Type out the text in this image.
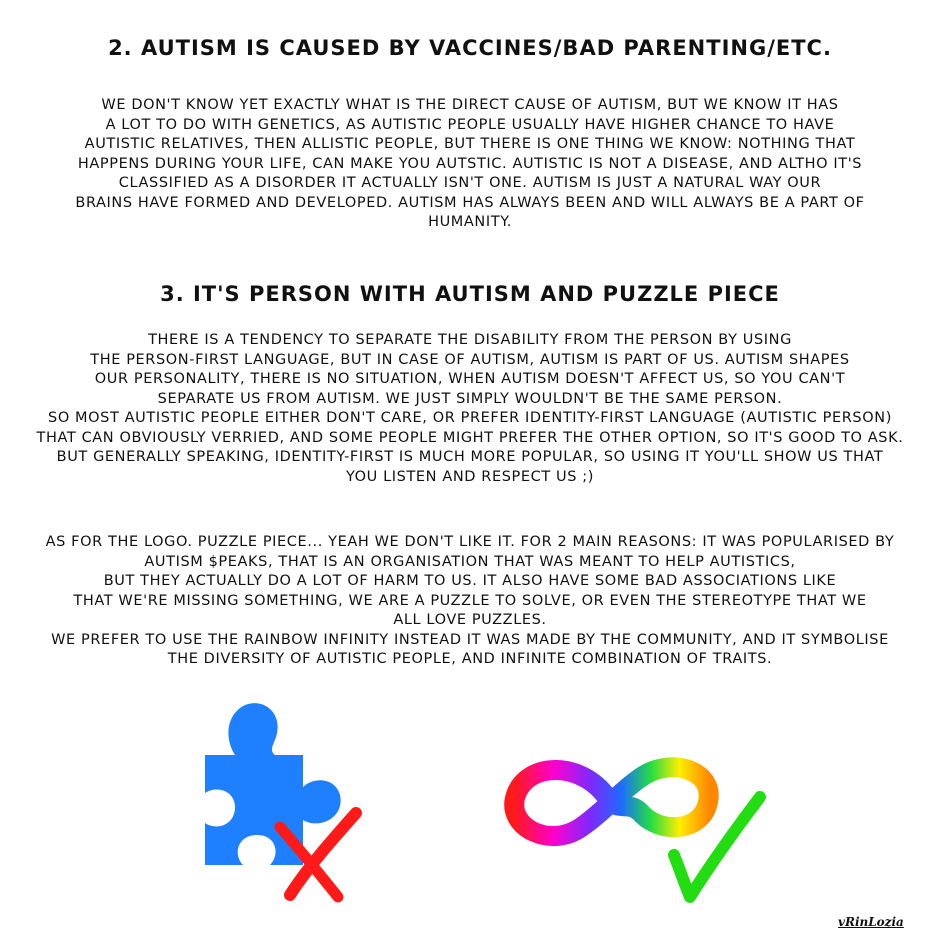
2. AUTISM IS CAUSED BY VACCINES/BAD PARENTING/ETC.

WE DON'T KNOW YET EXACTLY WHAT IS THE DIRECT CAUSE OF AUTISM, BUT WE KNOW IT HAS
A LOT TO DO WITH GENETICS, AS AUTISTIC PEOPLE USUALLY HAVE HIGHER CHANCE TO HAVE
AUTISTIC RELATIVES, THEN ALLISTIC PEOPLE, BUT THERE IS ONE THING WE KNOW: NOTHING THAT
HAPPENS DURING YOUR LIFE, CAN MAKE YOU AUTSTIC. AUTISTIC IS NOT A DISEASE, AND ALTHO IT'S
CLASSIFIED AS A DISORDER IT ACTUALLY ISN'T ONE. AUTISM IS JUST A NATURAL WAY OUR
BRAINS HAVE FORMED AND DEVELOPED. AUTISM HAS ALWAYS BEEN AND WILL ALWAYS BE A PART OF
HUMANITY.

3. IT'S PERSON WITH AUTISM AND PUZZLE PIECE

THERE IS A TENDENCY TO SEPARATE THE DISABILITY FROM THE PERSON BY USING
THE PERSON-FIRST LANGUAGE, BUT IN CASE OF AUTISM, AUTISM IS PART OF US. AUTISM SHAPES
OUR PERSONALITY, THERE IS NO SITUATION, WHEN AUTISM DOESN'T AFFECT US, SO YOU CAN'T
SEPARATE US FROM AUTISM. WE JUST SIMPLY WOULDN'T BE THE SAME PERSON.
SO MOST AUTISTIC PEOPLE EITHER DON'T CARE, OR PREFER IDENTITY-FIRST LANGUAGE (AUTISTIC PERSON)
THAT CAN OBVIOUSLY VERRIED, AND SOME PEOPLE MIGHT PREFER THE OTHER OPTION, SO IT'S GOOD TO ASK.
BUT GENERALLY SPEAKING, IDENTITY-FIRST IS MUCH MORE POPULAR, SO USING IT YOU'LL SHOW US THAT
YOU LISTEN AND RESPECT US ;)

AS FOR THE LOGO. PUZZLE PIECE... YEAH WE DON'T LIKE IT. FOR 2 MAIN REASONS: IT WAS POPULARISED BY
AUTISM $PEAKS, THAT IS AN ORGANISATION THAT WAS MEANT TO HELP AUTISTICS,
BUT THEY ACTUALLY DO A LOT OF HARM TO US. IT ALSO HAVE SOME BAD ASSOCIATIONS LIKE
THAT WE'RE MISSING SOMETHING, WE ARE A PUZZLE TO SOLVE, OR EVEN THE STEREOTYPE THAT WE
ALL LOVE PUZZLES.
WE PREFER TO USE THE RAINBOW INFINITY INSTEAD IT WAS MADE BY THE COMMUNITY, AND IT SYMBOLISE
THE DIVERSITY OF AUTISTIC PEOPLE, AND INFINITE COMBINATION OF TRAITS.

vRinLozia
